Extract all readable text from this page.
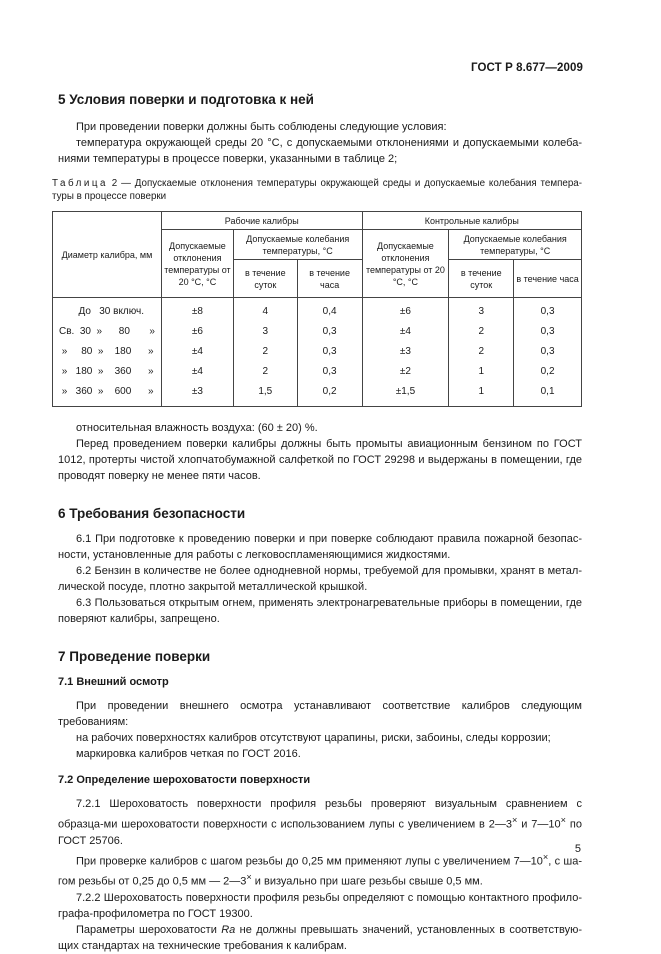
ГОСТ Р 8.677—2009
5 Условия поверки и подготовка к ней

При проведении поверки должны быть соблюдены следующие условия:

температура окружающей среды 20 °С, с допускаемыми отклонениями и допускаемыми колеба-ниями температуры в процессе поверки, указанными в таблице 2;

Таблица 2 — Допускаемые отклонения температуры окружающей среды и допускаемые колебания темпера-туры в процессе поверки

Диаметр калибра, мм	Рабочие калибры			Контрольные калибры		
	Допускаемые отклонения температуры от 20 °С, °С	Допускаемые колебания температуры, °С		Допускаемые отклонения температуры от 20 °С, °С	Допускаемые колебания температуры, °С	
		в течение суток	в течение часа		в течение суток	в течение часа
До   30 включ.	±8	4	0,4	±6	3	0,3
Св.  30  »      80       »	±6	3	0,3	±4	2	0,3
»     80  »    180      »	±4	2	0,3	±3	2	0,3
»   180  »    360      »	±4	2	0,3	±2	1	0,2
»   360  »    600      »	±3	1,5	0,2	±1,5	1	0,1

относительная влажность воздуха: (60 ± 20) %.

Перед проведением поверки калибры должны быть промыты авиационным бензином по ГОСТ 1012, протерты чистой хлопчатобумажной салфеткой по ГОСТ 29298 и выдержаны в помещении, где проводят поверку не менее пяти часов.

6 Требования безопасности

6.1 При подготовке к проведению поверки и при поверке соблюдают правила пожарной безопас-ности, установленные для работы с легковоспламеняющимися жидкостями.

6.2 Бензин в количестве не более однодневной нормы, требуемой для промывки, хранят в метал-лической посуде, плотно закрытой металлической крышкой.

6.3 Пользоваться открытым огнем, применять электронагревательные приборы в помещении, где поверяют калибры, запрещено.

7 Проведение поверки
7.1 Внешний осмотр

При проведении внешнего осмотра устанавливают соответствие калибров следующим требованиям:

на рабочих поверхностях калибров отсутствуют царапины, риски, забоины, следы коррозии;

маркировка калибров четкая по ГОСТ 2016.

7.2 Определение шероховатости поверхности

7.2.1 Шероховатость поверхности профиля резьбы проверяют визуальным сравнением с образца-ми шероховатости поверхности с использованием лупы с увеличением в 2—3× и 7—10× по ГОСТ 25706.

При проверке калибров с шагом резьбы до 0,25 мм применяют лупы с увеличением 7—10×, с ша-гом резьбы от 0,25 до 0,5 мм — 2—3× и визуально при шаге резьбы свыше 0,5 мм.

7.2.2 Шероховатость поверхности профиля резьбы определяют с помощью контактного профило-графа-профилометра по ГОСТ 19300.

Параметры шероховатости Ra не должны превышать значений, установленных в соответствую-щих стандартах на технические требования к калибрам.

5
